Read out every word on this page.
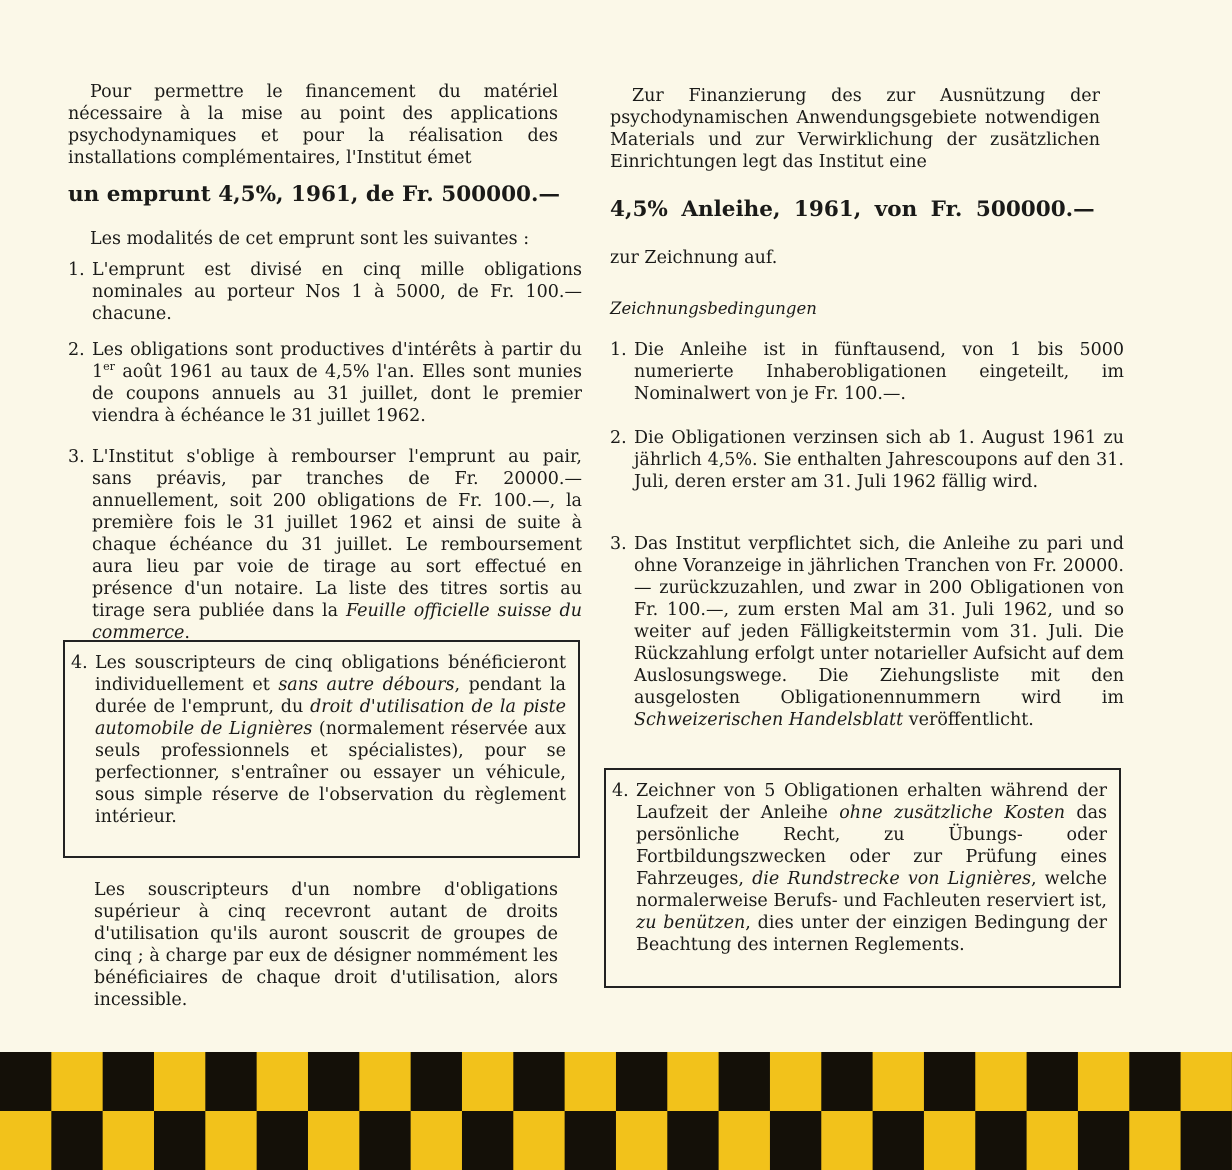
Pour permettre le financement du matériel nécessaire à la mise au point des applications psychodynamiques et pour la réalisation des installations complémentaires, l'Institut émet

un emprunt 4,5%, 1961, de Fr. 500000.—

Les modalités de cet emprunt sont les suivantes :

1. L'emprunt est divisé en cinq mille obligations nominales au porteur Nos 1 à 5000, de Fr. 100.— chacune.
2. Les obligations sont productives d'intérêts à partir du 1er août 1961 au taux de 4,5% l'an. Elles sont munies de coupons annuels au 31 juillet, dont le premier viendra à échéance le 31 juillet 1962.
3. L'Institut s'oblige à rembourser l'emprunt au pair, sans préavis, par tranches de Fr. 20000.— annuellement, soit 200 obligations de Fr. 100.—, la première fois le 31 juillet 1962 et ainsi de suite à chaque échéance du 31 juillet. Le remboursement aura lieu par voie de tirage au sort effectué en présence d'un notaire. La liste des titres sortis au tirage sera publiée dans la Feuille officielle suisse du commerce.

Les souscripteurs d'un nombre d'obligations supérieur à cinq recevront autant de droits d'utilisation qu'ils auront souscrit de groupes de cinq ; à charge par eux de désigner nommément les bénéficiaires de chaque droit d'utilisation, alors incessible.

4. Les souscripteurs de cinq obligations bénéficieront individuellement et sans autre débours, pendant la durée de l'emprunt, du droit d'utilisation de la piste automobile de Lignières (normalement réservée aux seuls professionnels et spécialistes), pour se perfectionner, s'entraîner ou essayer un véhicule, sous simple réserve de l'observation du règlement intérieur.

Zur Finanzierung des zur Ausnützung der psychodynamischen Anwendungsgebiete notwendigen Materials und zur Verwirklichung der zusätzlichen Einrichtungen legt das Institut eine

4,5% Anleihe, 1961, von Fr. 500000.—

zur Zeichnung auf.

Zeichnungsbedingungen

1. Die Anleihe ist in fünftausend, von 1 bis 5000 numerierte Inhaberobligationen eingeteilt, im Nominalwert von je Fr. 100.—.
2. Die Obligationen verzinsen sich ab 1. August 1961 zu jährlich 4,5%. Sie enthalten Jahrescoupons auf den 31. Juli, deren erster am 31. Juli 1962 fällig wird.
3. Das Institut verpflichtet sich, die Anleihe zu pari und ohne Voranzeige in jährlichen Tranchen von Fr. 20000.— zurückzuzahlen, und zwar in 200 Obligationen von Fr. 100.—, zum ersten Mal am 31. Juli 1962, und so weiter auf jeden Fälligkeitstermin vom 31. Juli. Die Rückzahlung erfolgt unter notarieller Aufsicht auf dem Auslosungswege. Die Ziehungsliste mit den ausgelosten Obligationennummern wird im Schweizerischen Handelsblatt veröffentlicht.
4. Zeichner von 5 Obligationen erhalten während der Laufzeit der Anleihe ohne zusätzliche Kosten das persönliche Recht, zu Übungs- oder Fortbildungszwecken oder zur Prüfung eines Fahrzeuges, die Rundstrecke von Lignières, welche normalerweise Berufs- und Fachleuten reserviert ist, zu benützen, dies unter der einzigen Bedingung der Beachtung des internen Reglements.
